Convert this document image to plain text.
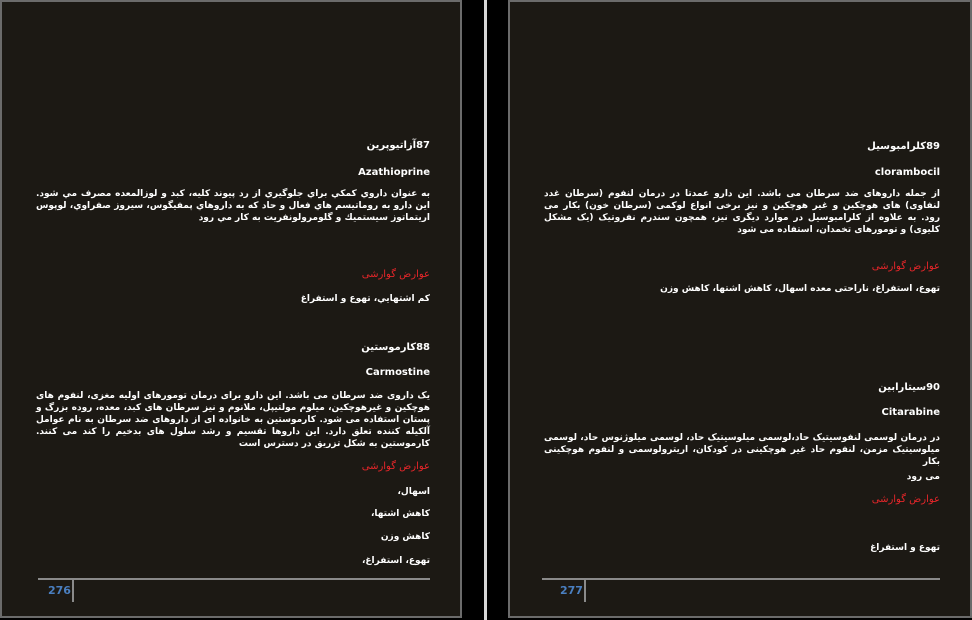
87آزاتیوپرین
Azathioprine
به عنوان داروي كمكي براي جلوگيري از رد پيوند كليه، كبد و لوزالمعده مصرف مي شود. اين دارو به روماتيسم هاي فعال و حاد كه به داروهاي پمفيگوس، سيروز صفراوي، لوپوس اريتماتوز سيستميك و گلومرولونفريت به كار مي رود
عوارض گوارشی
كم اشتهايي، تهوع و استفراغ
88کارموستین
Carmostine
یک داروی ضد سرطان می باشد. این دارو برای درمان تومورهای اولیه مغزی، لنفوم های هوچکین و غیرهوچکین، میلوم مولتیپل، ملانوم و نیز سرطان های کبد، معده، روده بزرگ و پستان استفاده می شود. کارموستین به خانواده ای از داروهای ضد سرطان به نام عوامل آلکیله کننده تعلق دارد. این داروها تقسیم و رشد سلول های بدخیم را کند می کنند. کارموستین به شکل تزریق در دسترس است
عوارض گوارشی
اسهال،
کاهش اشتها،
کاهش وزن
تهوع، استفراغ،
276
89کلرامبوسیل
clorambocil
از جمله داروهای ضد سرطان می باشد. این دارو عمدتا در درمان لنفوم (سرطان غدد لنفاوی) های هوچکین و غیر هوچکین و نیز برخی انواع لوکمی (سرطان خون) بکار می رود. به علاوه از کلرامبوسیل در موارد دیگری نیز، همچون سندرم نفروتیک (یک مشکل کلیوی) و تومورهای تخمدان، استفاده می شود
عوارض گوارشی
تهوع، استفراغ، ناراحتی معده اسهال، کاهش اشتها، کاهش وزن
90سیتارابین
Citarabine
در درمان لوسمی لنفوسیتیک حاد،لوسمی میلوسیتیک حاد، لوسمی میلوژنوس حاد، لوسمی میلوسیتیک مزمن، لنفوم حاد غیر هوچکینی در کودکان، اریترولوسمی و لنفوم هوچکینی بکار
می رود
عوارض گوارشی
تهوع و استفراغ
277
